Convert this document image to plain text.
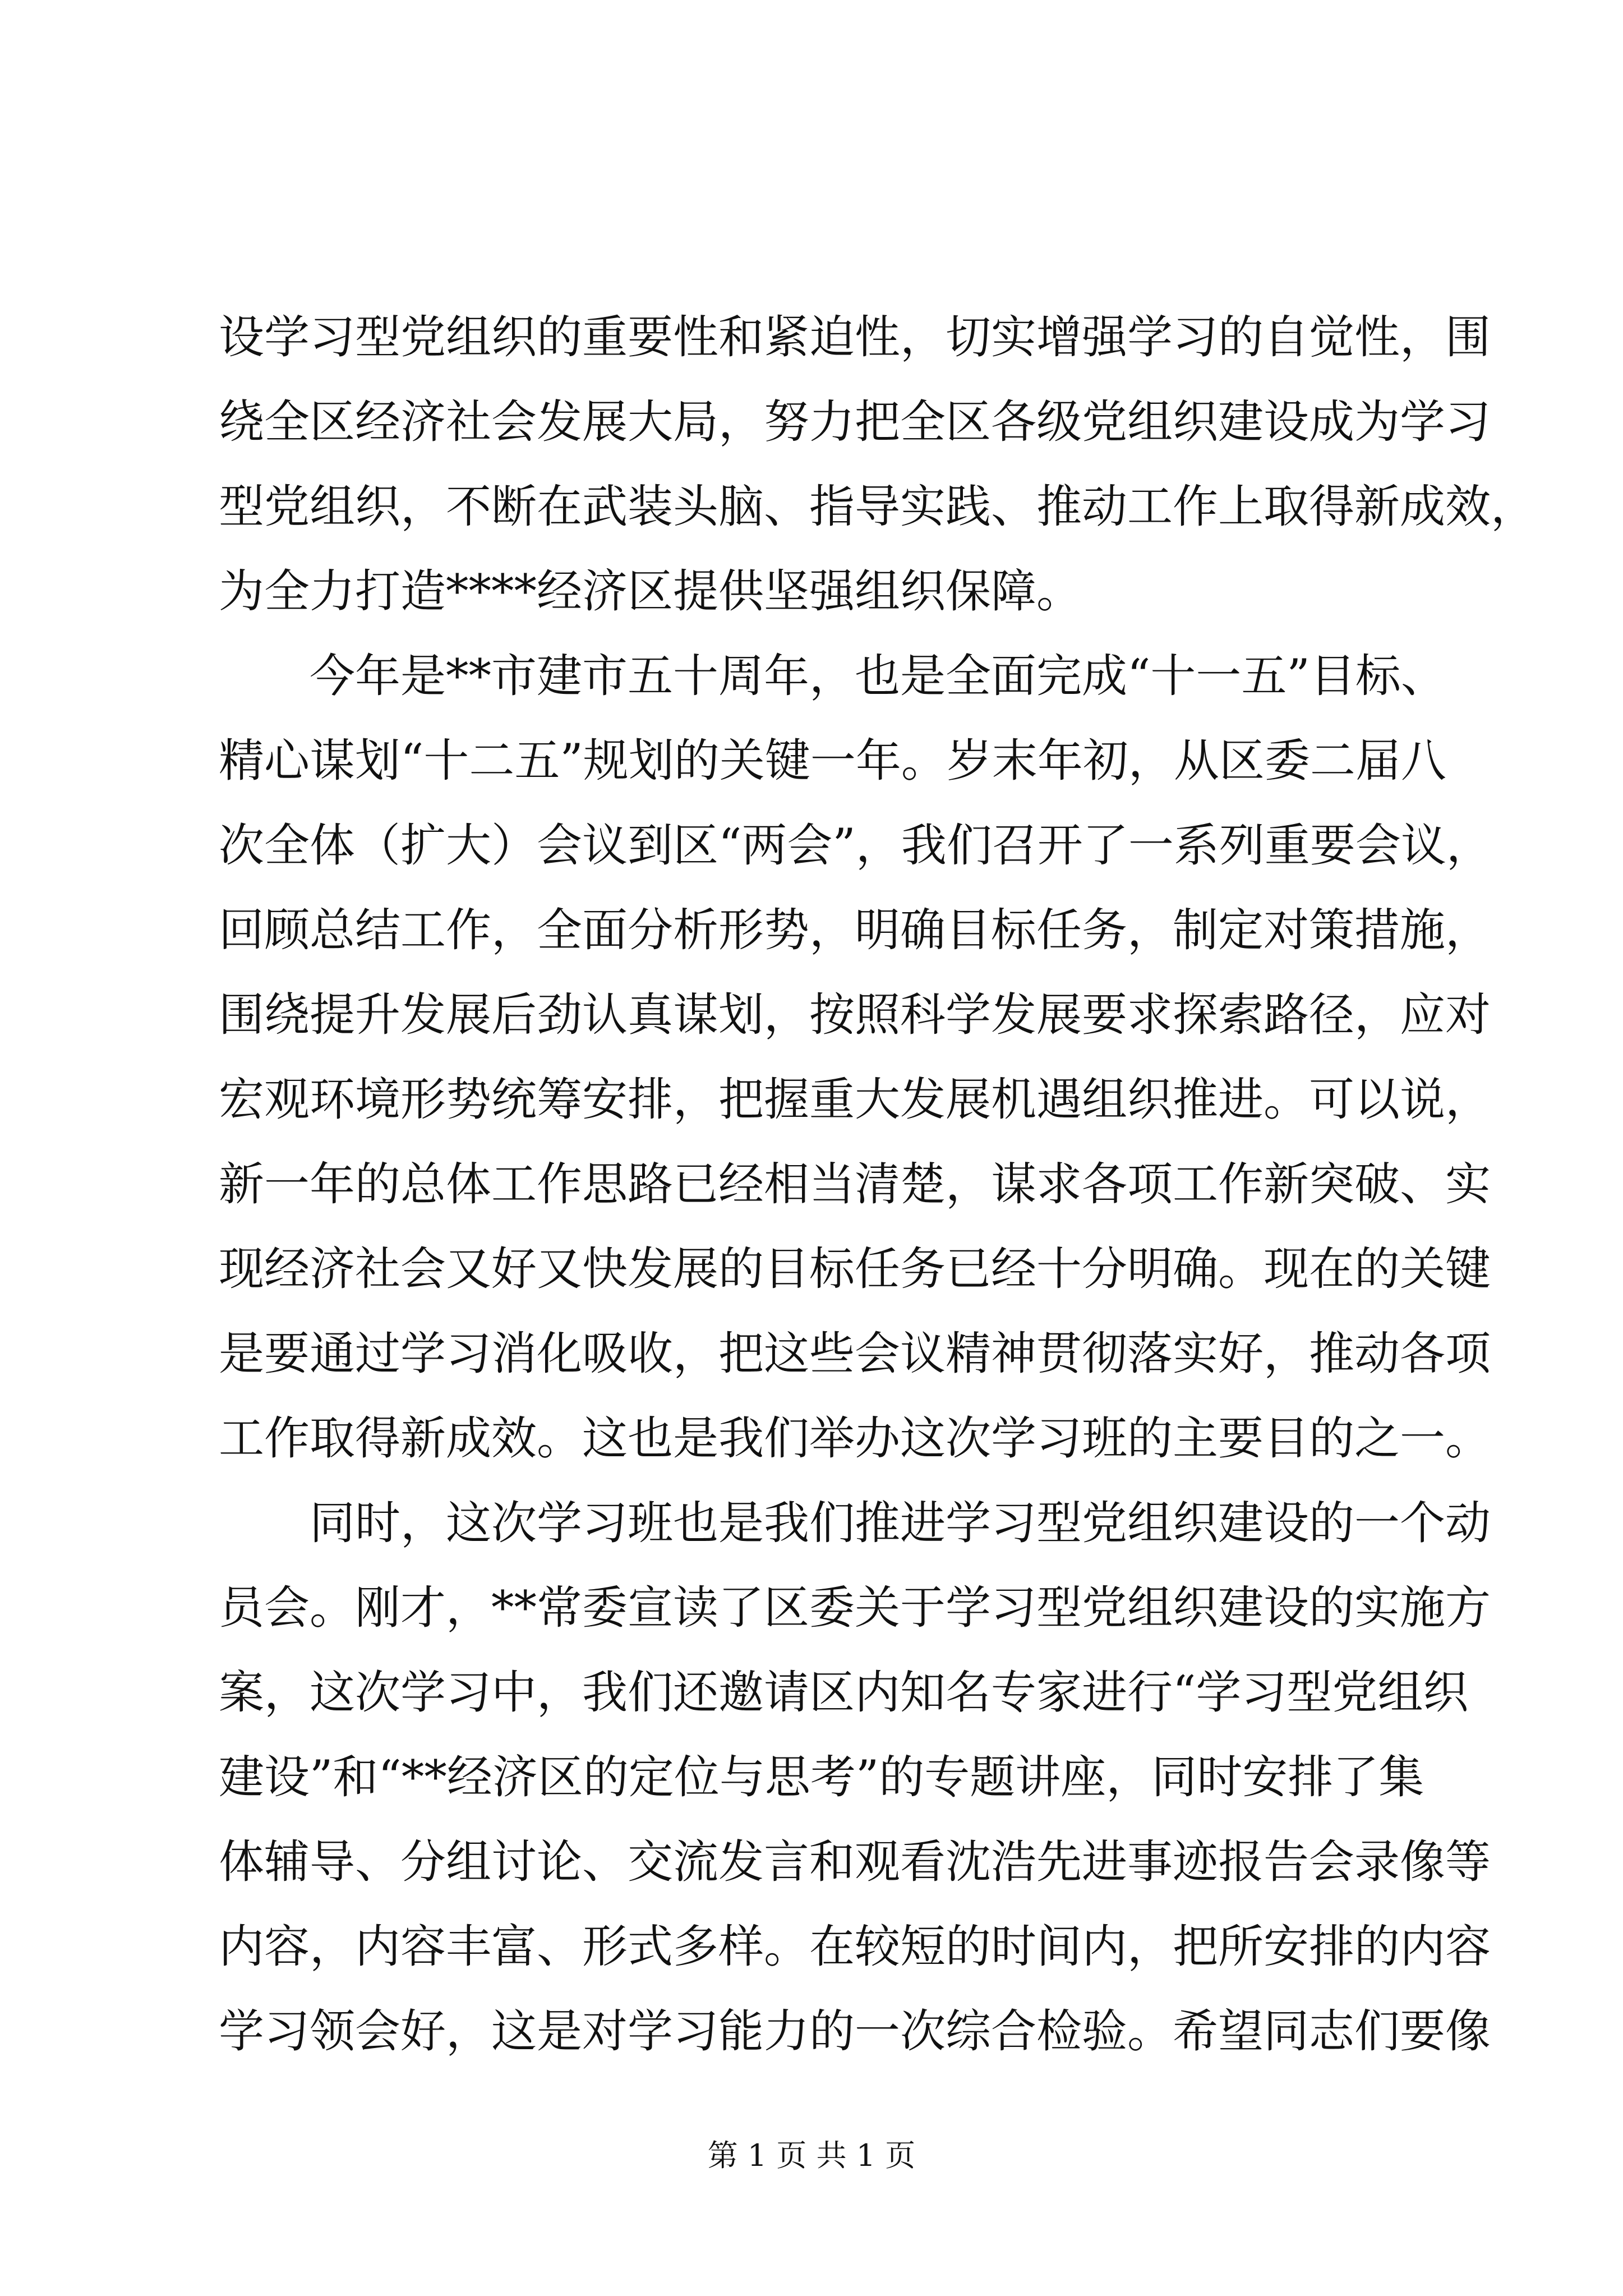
设学习型党组织的重要性和紧迫性，切实增强学习的自觉性，围
绕全区经济社会发展大局，努力把全区各级党组织建设成为学习
型党组织，不断在武装头脑、指导实践、推动工作上取得新成效，
为全力打造****经济区提供坚强组织保障。
今年是**市建市五十周年，也是全面完成“十一五”目标、
精心谋划“十二五”规划的关键一年。岁末年初，从区委二届八
次全体（扩大）会议到区“两会”，我们召开了一系列重要会议，
回顾总结工作，全面分析形势，明确目标任务，制定对策措施，
围绕提升发展后劲认真谋划，按照科学发展要求探索路径，应对
宏观环境形势统筹安排，把握重大发展机遇组织推进。可以说，
新一年的总体工作思路已经相当清楚，谋求各项工作新突破、实
现经济社会又好又快发展的目标任务已经十分明确。现在的关键
是要通过学习消化吸收，把这些会议精神贯彻落实好，推动各项
工作取得新成效。这也是我们举办这次学习班的主要目的之一。
同时，这次学习班也是我们推进学习型党组织建设的一个动
员会。刚才，**常委宣读了区委关于学习型党组织建设的实施方
案，这次学习中，我们还邀请区内知名专家进行“学习型党组织
建设”和“**经济区的定位与思考”的专题讲座，同时安排了集
体辅导、分组讨论、交流发言和观看沈浩先进事迹报告会录像等
内容，内容丰富、形式多样。在较短的时间内，把所安排的内容
学习领会好，这是对学习能力的一次综合检验。希望同志们要像
第 1 页 共 1 页
